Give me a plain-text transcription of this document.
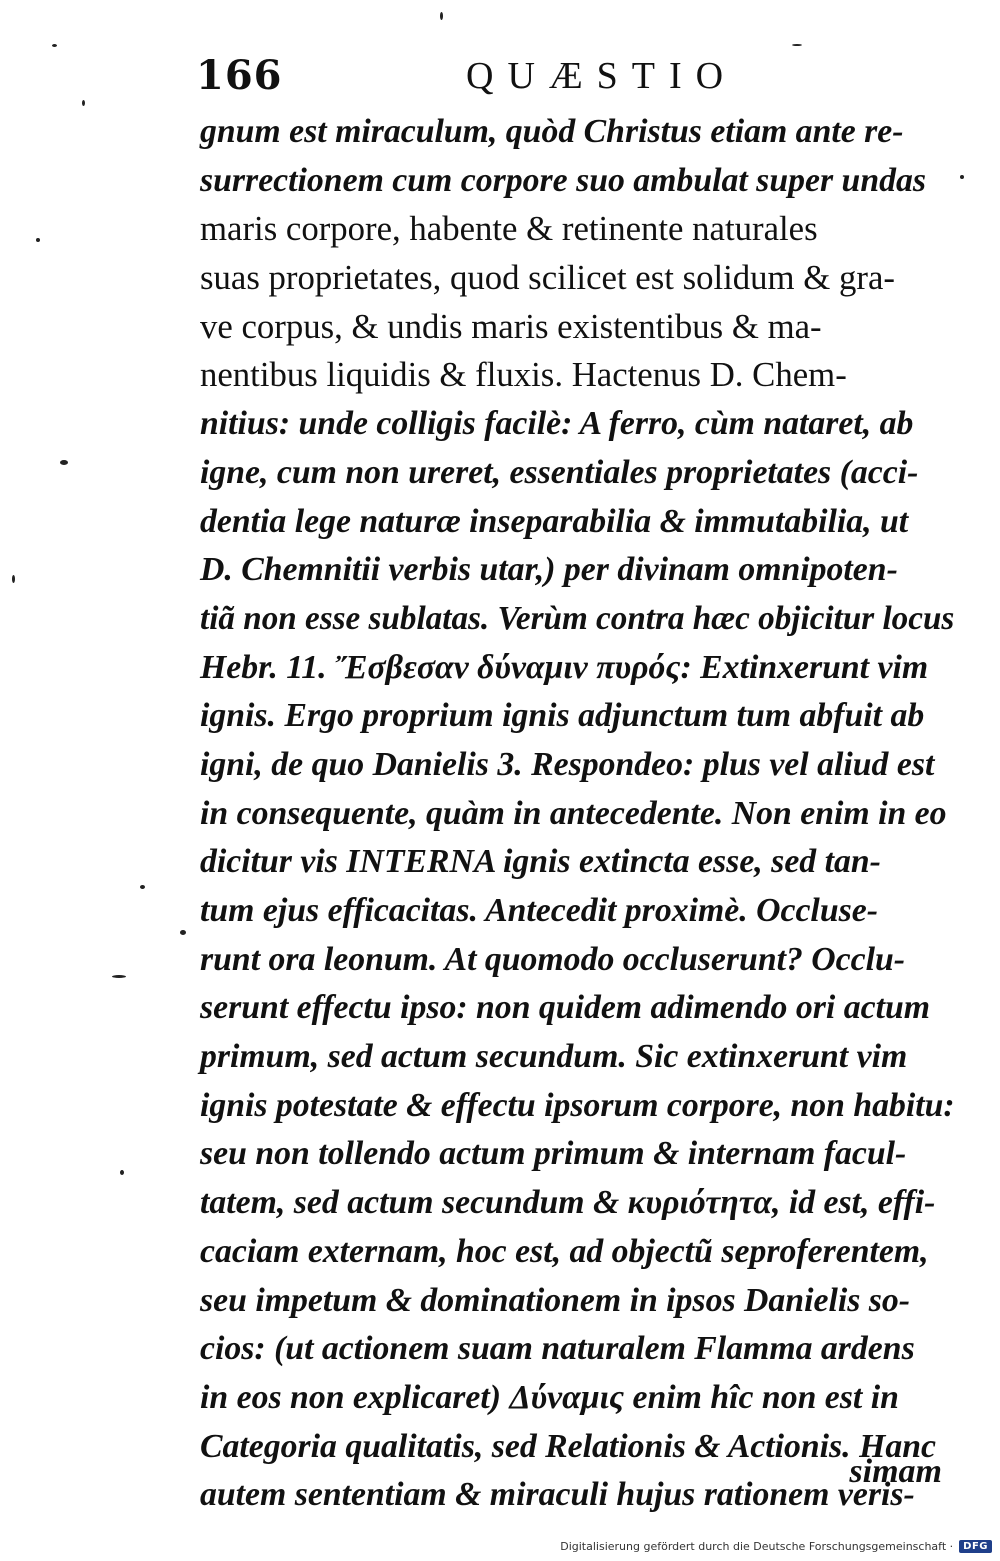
166	QUÆSTIO
gnum est miraculum, quòd Christus etiam ante re-
surrectionem cum corpore suo ambulat super undas
maris corpore, habente & retinente naturales
suas proprietates, quod scilicet est solidum & gra-
ve corpus, & undis maris existentibus & ma-
nentibus liquidis & fluxis. Hactenus D. Chem-
nitius: unde colligis facilè: A ferro, cùm nataret, ab
igne, cum non ureret, essentiales proprietates (acci-
dentia lege naturæ inseparabilia & immutabilia, ut
D. Chemnitii verbis utar,) per divinam omnipoten-
tiã non esse sublatas. Verùm contra hæc objicitur locus
Hebr. 11. Ἔσβεσαν δύναμιν πυρός: Extinxerunt vim
ignis. Ergo proprium ignis adjunctum tum abfuit ab
igni, de quo Danielis 3. Respondeo: plus vel aliud est
in consequente, quàm in antecedente. Non enim in eo
dicitur vis INTERNA ignis extincta esse, sed tan-
tum ejus efficacitas. Antecedit proximè. Occluse-
runt ora leonum. At quomodo occluserunt? Occlu-
serunt effectu ipso: non quidem adimendo ori actum
primum, sed actum secundum. Sic extinxerunt vim
ignis potestate & effectu ipsorum corpore, non habitu:
seu non tollendo actum primum & internam facul-
tatem, sed actum secundum & κυριότητα, id est, effi-
caciam externam, hoc est, ad objectũ seproferentem,
seu impetum & dominationem in ipsos Danielis so-
cios: (ut actionem suam naturalem Flamma ardens
in eos non explicaret) Δύναμις enim hîc non est in
Categoria qualitatis, sed Relationis & Actionis. Hanc
autem sententiam & miraculi hujus rationem veris-
simam
Digitalisierung gefördert durch die Deutsche Forschungsgemeinschaft ·	DFG
